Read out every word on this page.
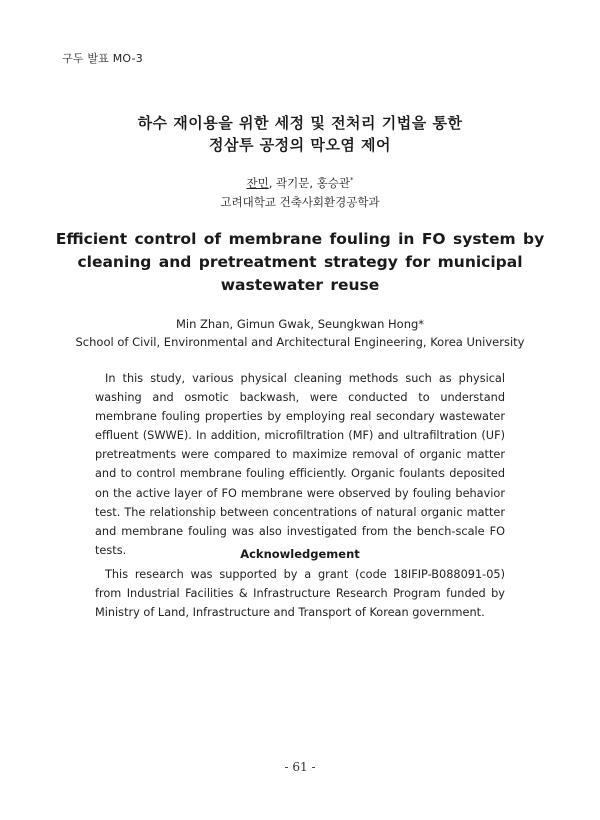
구두 발표 MO-3
하수 재이용을 위한 세정 및 전처리 기법을 통한
정삼투 공정의 막오염 제어
잔민, 곽기문, 홍승관*
고려대학교 건축사회환경공학과
Efficient control of membrane fouling in FO system by
cleaning and pretreatment strategy for municipal
wastewater reuse
Min Zhan, Gimun Gwak, Seungkwan Hong*
School of Civil, Environmental and Architectural Engineering, Korea University

In this study, various physical cleaning methods such as physical washing and osmotic backwash, were conducted to understand membrane fouling properties by employing real secondary wastewater effluent (SWWE). In addition, microfiltration (MF) and ultrafiltration (UF) pretreatments were compared to maximize removal of organic matter and to control membrane fouling efficiently. Organic foulants deposited on the active layer of FO membrane were observed by fouling behavior test. The relationship between concentrations of natural organic matter and membrane fouling was also investigated from the bench-scale FO tests.	Acknowledgement

This research was supported by a grant (code 18IFIP-B088091-05) from Industrial Facilities & Infrastructure Research Program funded by Ministry of Land, Infrastructure and Transport of Korean government.

- 61 -
